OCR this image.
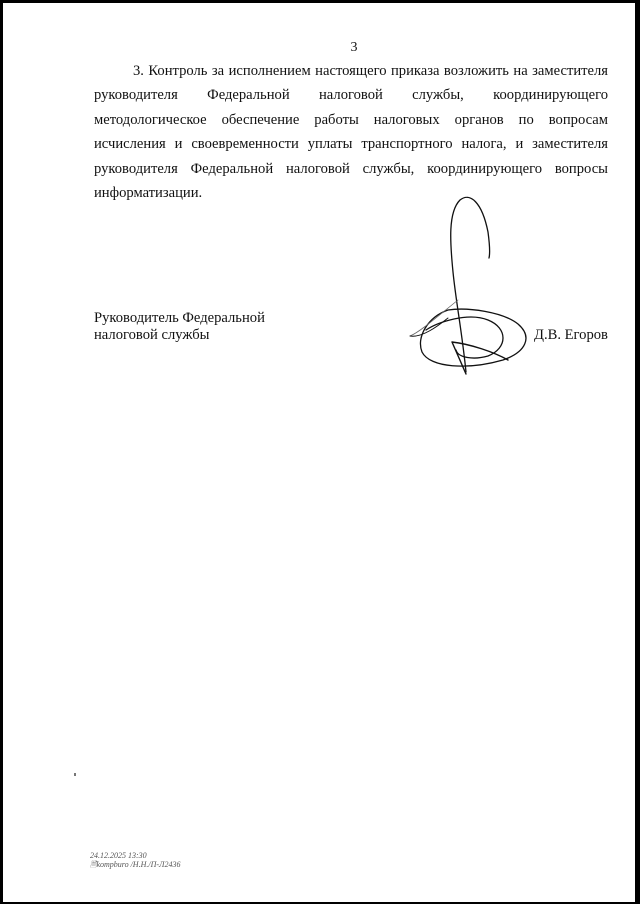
3

3. Контроль за исполнением настоящего приказа возложить на заместителя руководителя Федеральной налоговой службы, координирующего методологическое обеспечение работы налоговых органов по вопросам исчисления и своевременности уплаты транспортного налога, и заместителя руководителя Федеральной налоговой службы, координирующего вопросы информатизации.

Руководитель Федеральной
налоговой службы	Д.В. Егоров
24.12.2025 13:30
🗎kompburo /Н.Н./П-Л2436
